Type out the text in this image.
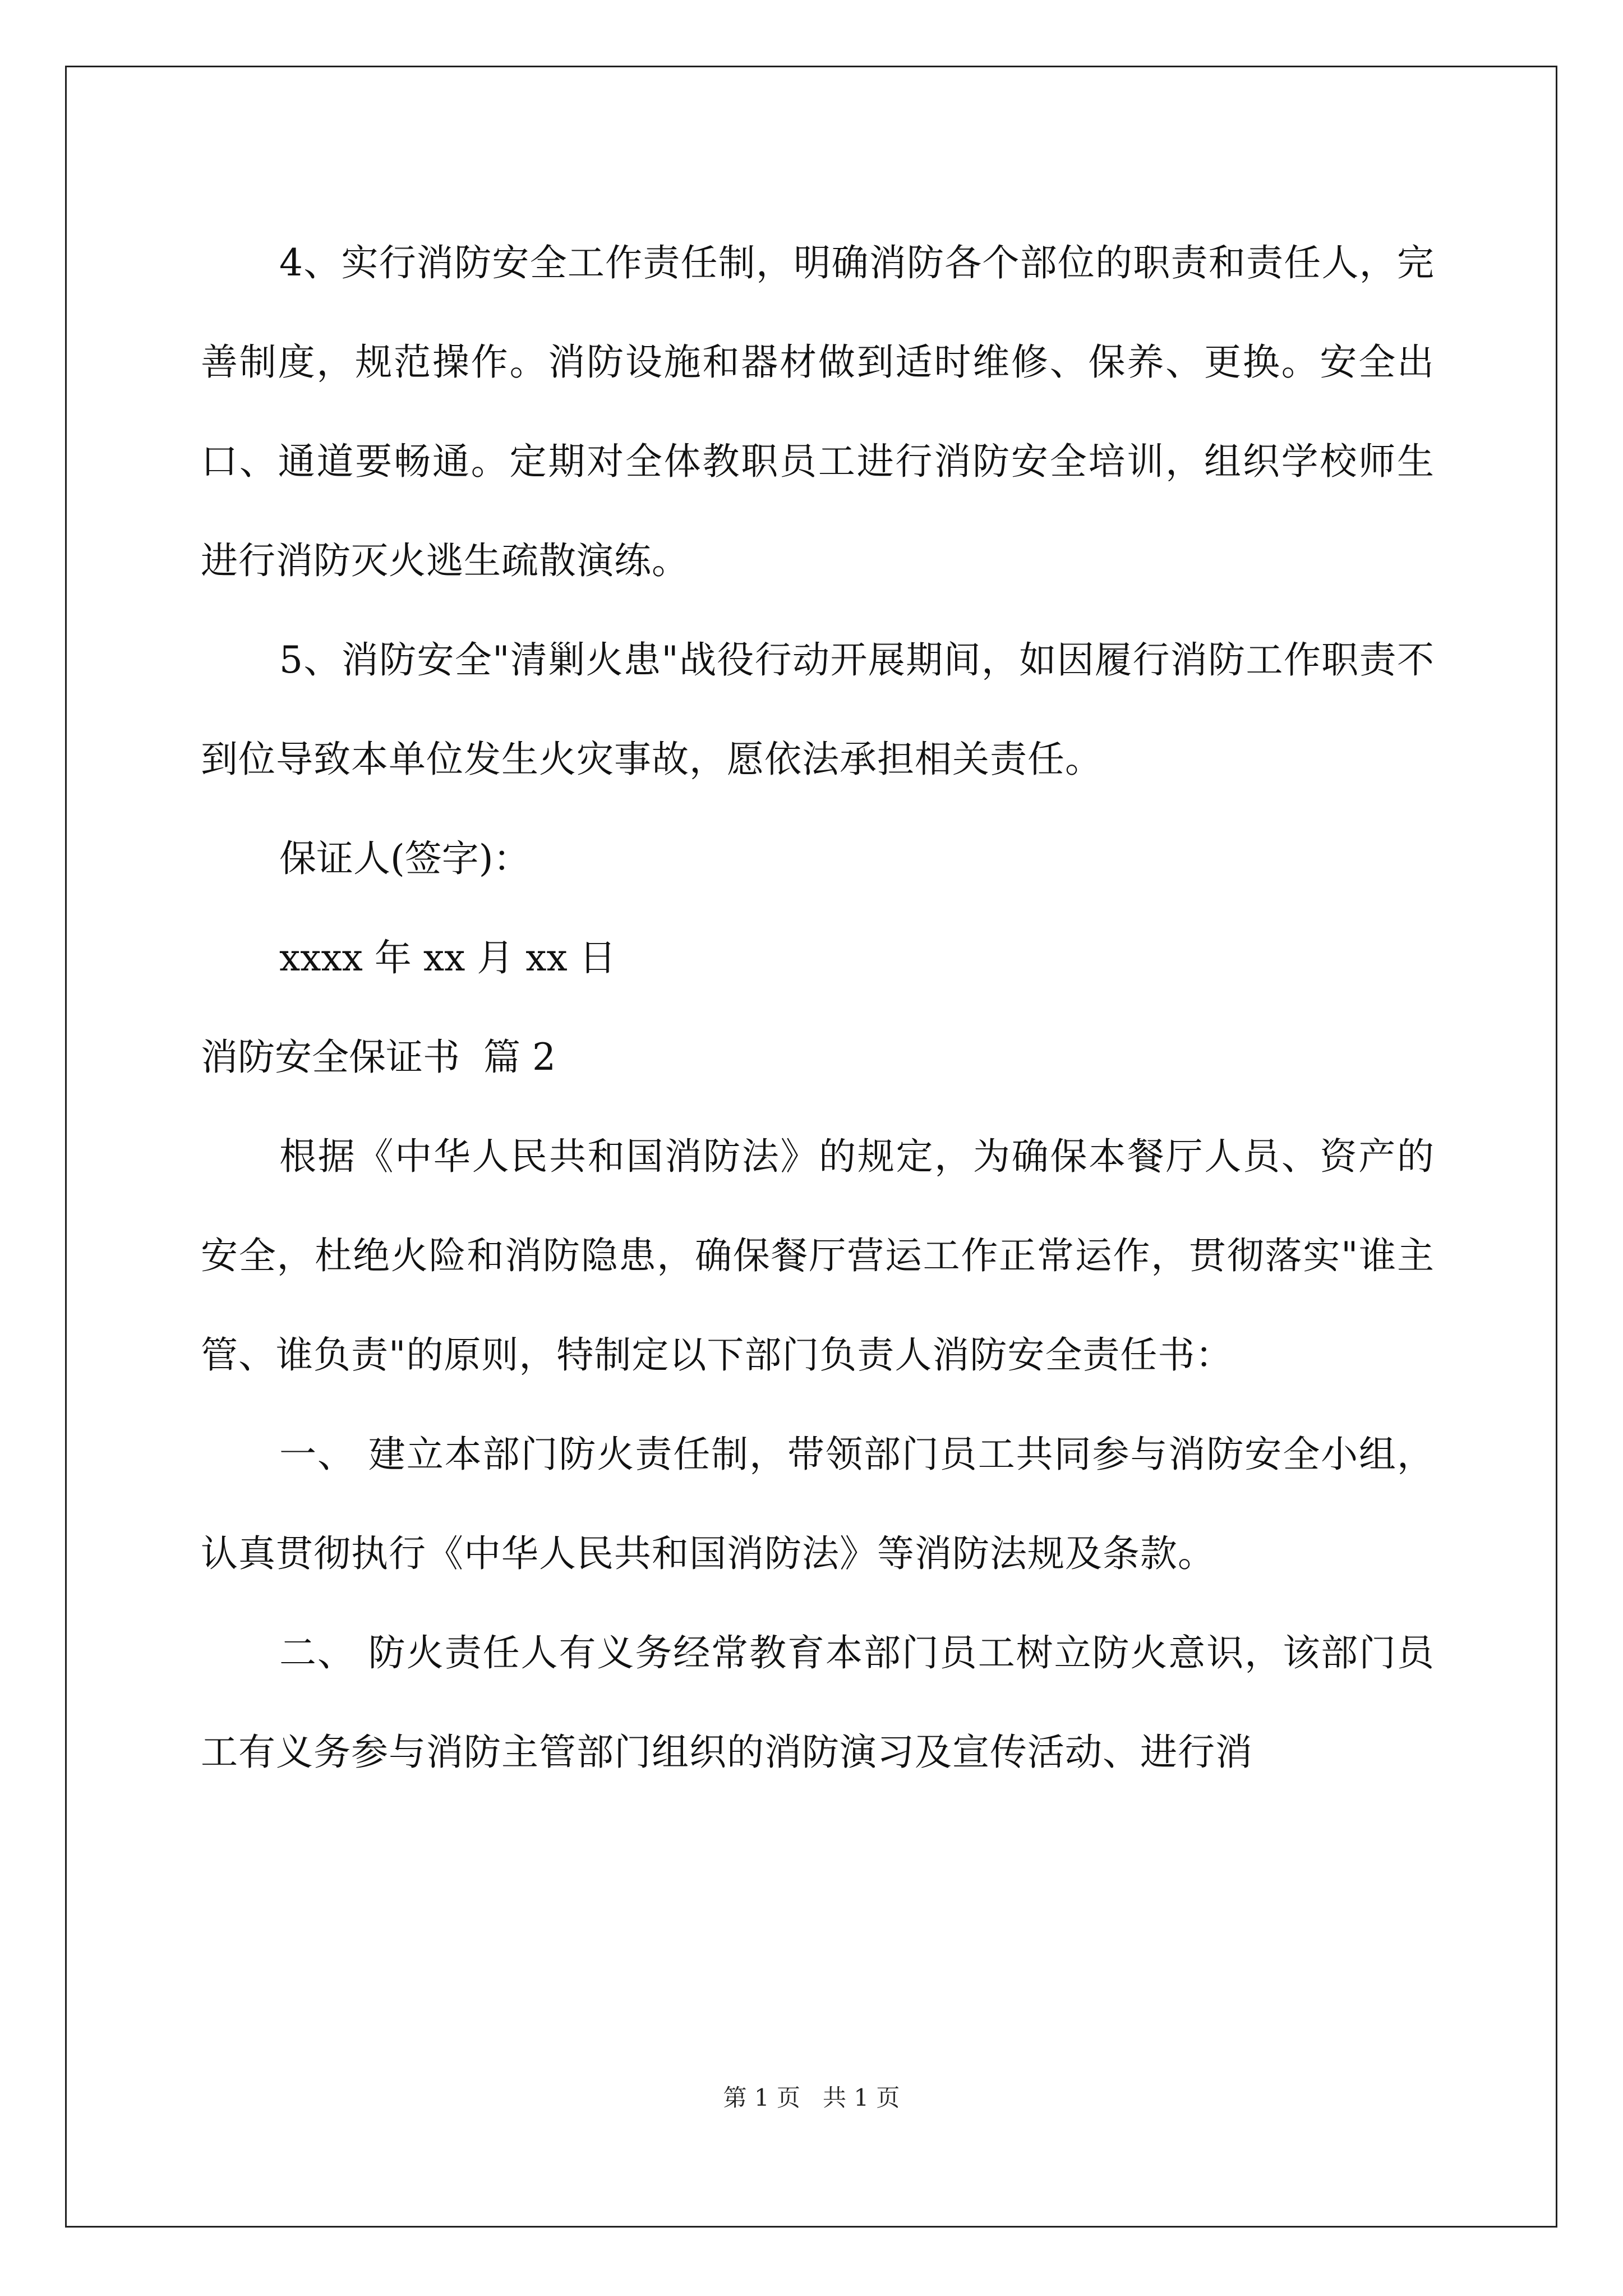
4、实行消防安全工作责任制，明确消防各个部位的职责和责任人，完善制度，规范操作。消防设施和器材做到适时维修、保养、更换。安全出口、通道要畅通。定期对全体教职员工进行消防安全培训，组织学校师生进行消防灭火逃生疏散演练。

5、消防安全"清剿火患"战役行动开展期间，如因履行消防工作职责不到位导致本单位发生火灾事故，愿依法承担相关责任。

保证人(签字)：

xxxx 年 xx 月 xx 日

消防安全保证书  篇 2

根据《中华人民共和国消防法》的规定，为确保本餐厅人员、资产的安全，杜绝火险和消防隐患，确保餐厅营运工作正常运作，贯彻落实"谁主管、谁负责"的原则，特制定以下部门负责人消防安全责任书：

一、 建立本部门防火责任制，带领部门员工共同参与消防安全小组，认真贯彻执行《中华人民共和国消防法》等消防法规及条款。

二、 防火责任人有义务经常教育本部门员工树立防火意识，该部门员工有义务参与消防主管部门组织的消防演习及宣传活动、进行消

第 1 页 共 1 页
